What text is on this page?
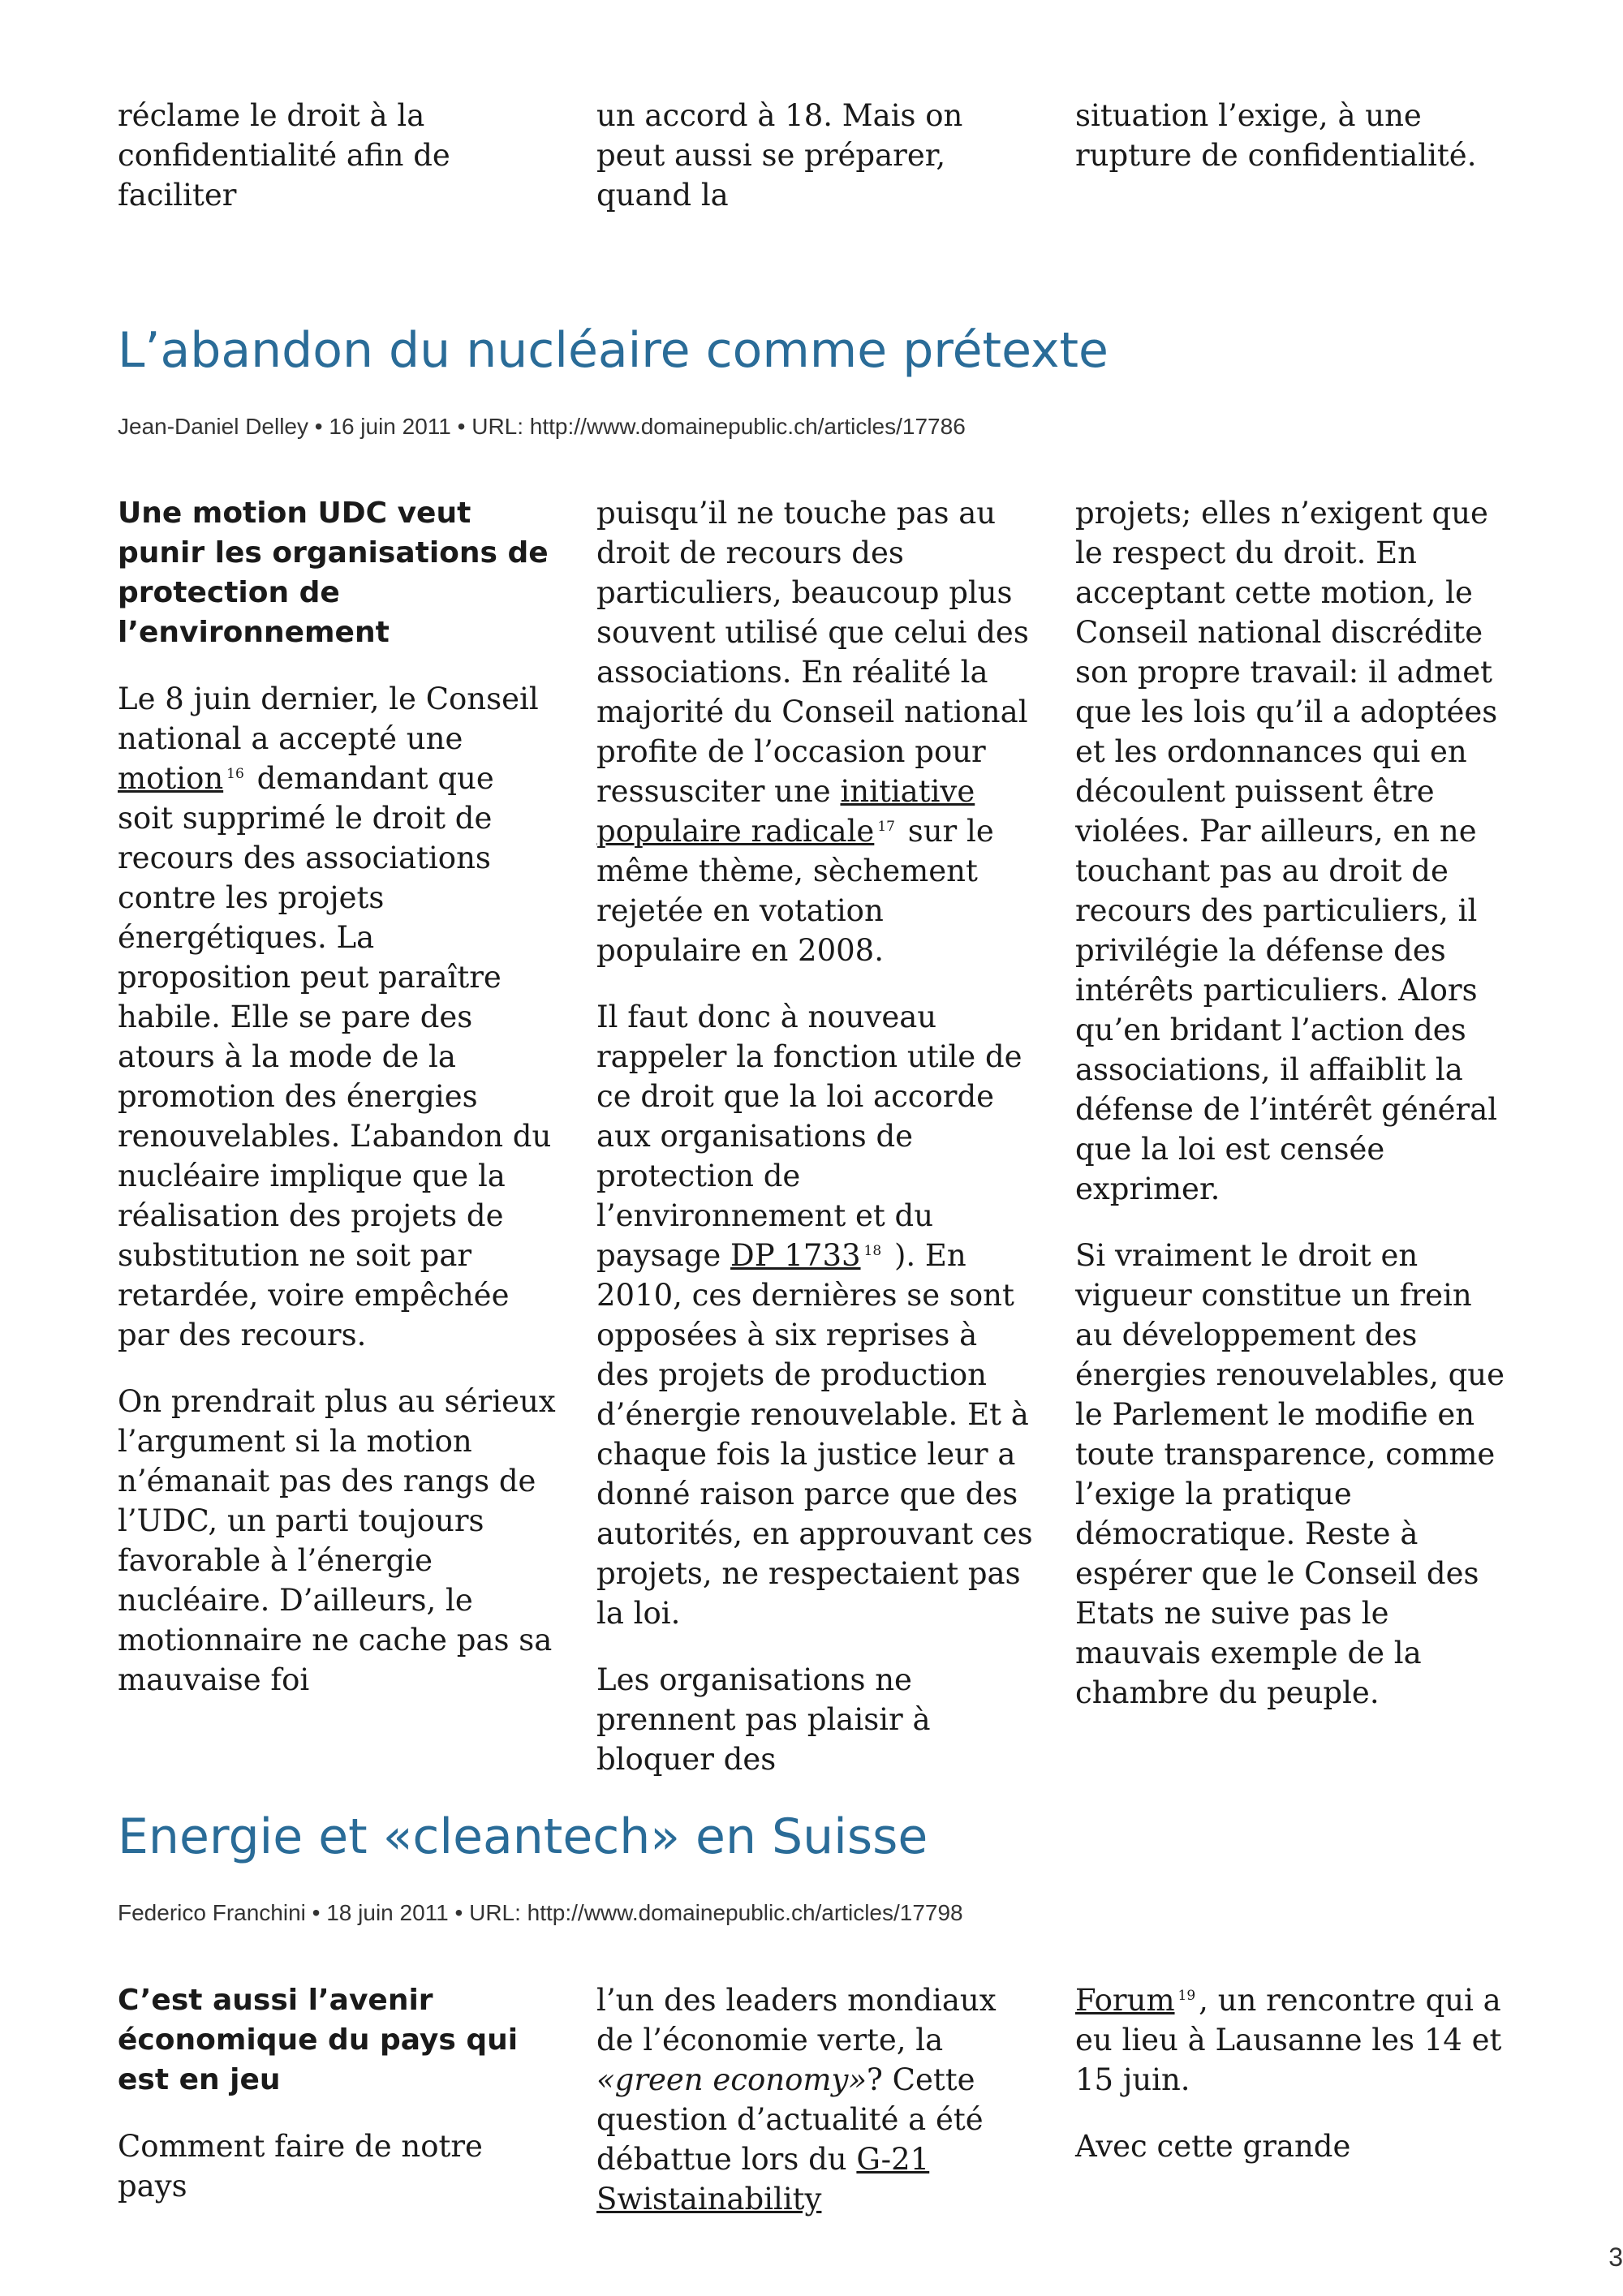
réclame le droit à la confidentialité afin de faciliter

un accord à 18. Mais on peut aussi se préparer, quand la

situation l’exige, à une rupture de confidentialité.

L’abandon du nucléaire comme prétexte
Jean-Daniel Delley • 16 juin 2011 • URL: http://www.domainepublic.ch/articles/17786

Une motion UDC veut punir les organisations de protection de l’environnement

Le 8 juin dernier, le Conseil national a accepté une motion $^{16}$ demandant que soit supprimé le droit de recours des associations contre les projets énergétiques. La proposition peut paraître habile. Elle se pare des atours à la mode de la promotion des énergies renouvelables. L’abandon du nucléaire implique que la réalisation des projets de substitution ne soit par retardée, voire empêchée par des recours.

On prendrait plus au sérieux l’argument si la motion n’émanait pas des rangs de l’UDC, un parti toujours favorable à l’énergie nucléaire. D’ailleurs, le motionnaire ne cache pas sa mauvaise foi

puisqu’il ne touche pas au droit de recours des particuliers, beaucoup plus souvent utilisé que celui des associations. En réalité la majorité du Conseil national profite de l’occasion pour ressusciter une initiative populaire radicale $^{17}$ sur le même thème, sèchement rejetée en votation populaire en 2008.

Il faut donc à nouveau rappeler la fonction utile de ce droit que la loi accorde aux organisations de protection de l’environnement et du paysage DP 1733 $^{18}$ ). En 2010, ces dernières se sont opposées à six reprises à des projets de production d’énergie renouvelable. Et à chaque fois la justice leur a donné raison parce que des autorités, en approuvant ces projets, ne respectaient pas la loi.

Les organisations ne prennent pas plaisir à bloquer des

projets; elles n’exigent que le respect du droit. En acceptant cette motion, le Conseil national discrédite son propre travail: il admet que les lois qu’il a adoptées et les ordonnances qui en découlent puissent être violées. Par ailleurs, en ne touchant pas au droit de recours des particuliers, il privilégie la défense des intérêts particuliers. Alors qu’en bridant l’action des associations, il affaiblit la défense de l’intérêt général que la loi est censée exprimer.

Si vraiment le droit en vigueur constitue un frein au développement des énergies renouvelables, que le Parlement le modifie en toute transparence, comme l’exige la pratique démocratique. Reste à espérer que le Conseil des Etats ne suive pas le mauvais exemple de la chambre du peuple.

Energie et «cleantech» en Suisse
Federico Franchini • 18 juin 2011 • URL: http://www.domainepublic.ch/articles/17798

C’est aussi l’avenir économique du pays qui est en jeu

Comment faire de notre pays

l’un des leaders mondiaux de l’économie verte, la «green economy»? Cette question d’actualité a été débattue lors du G-21 Swistainability

Forum $^{19}$ , un rencontre qui a eu lieu à Lausanne les 14 et 15 juin.

Avec cette grande

3
